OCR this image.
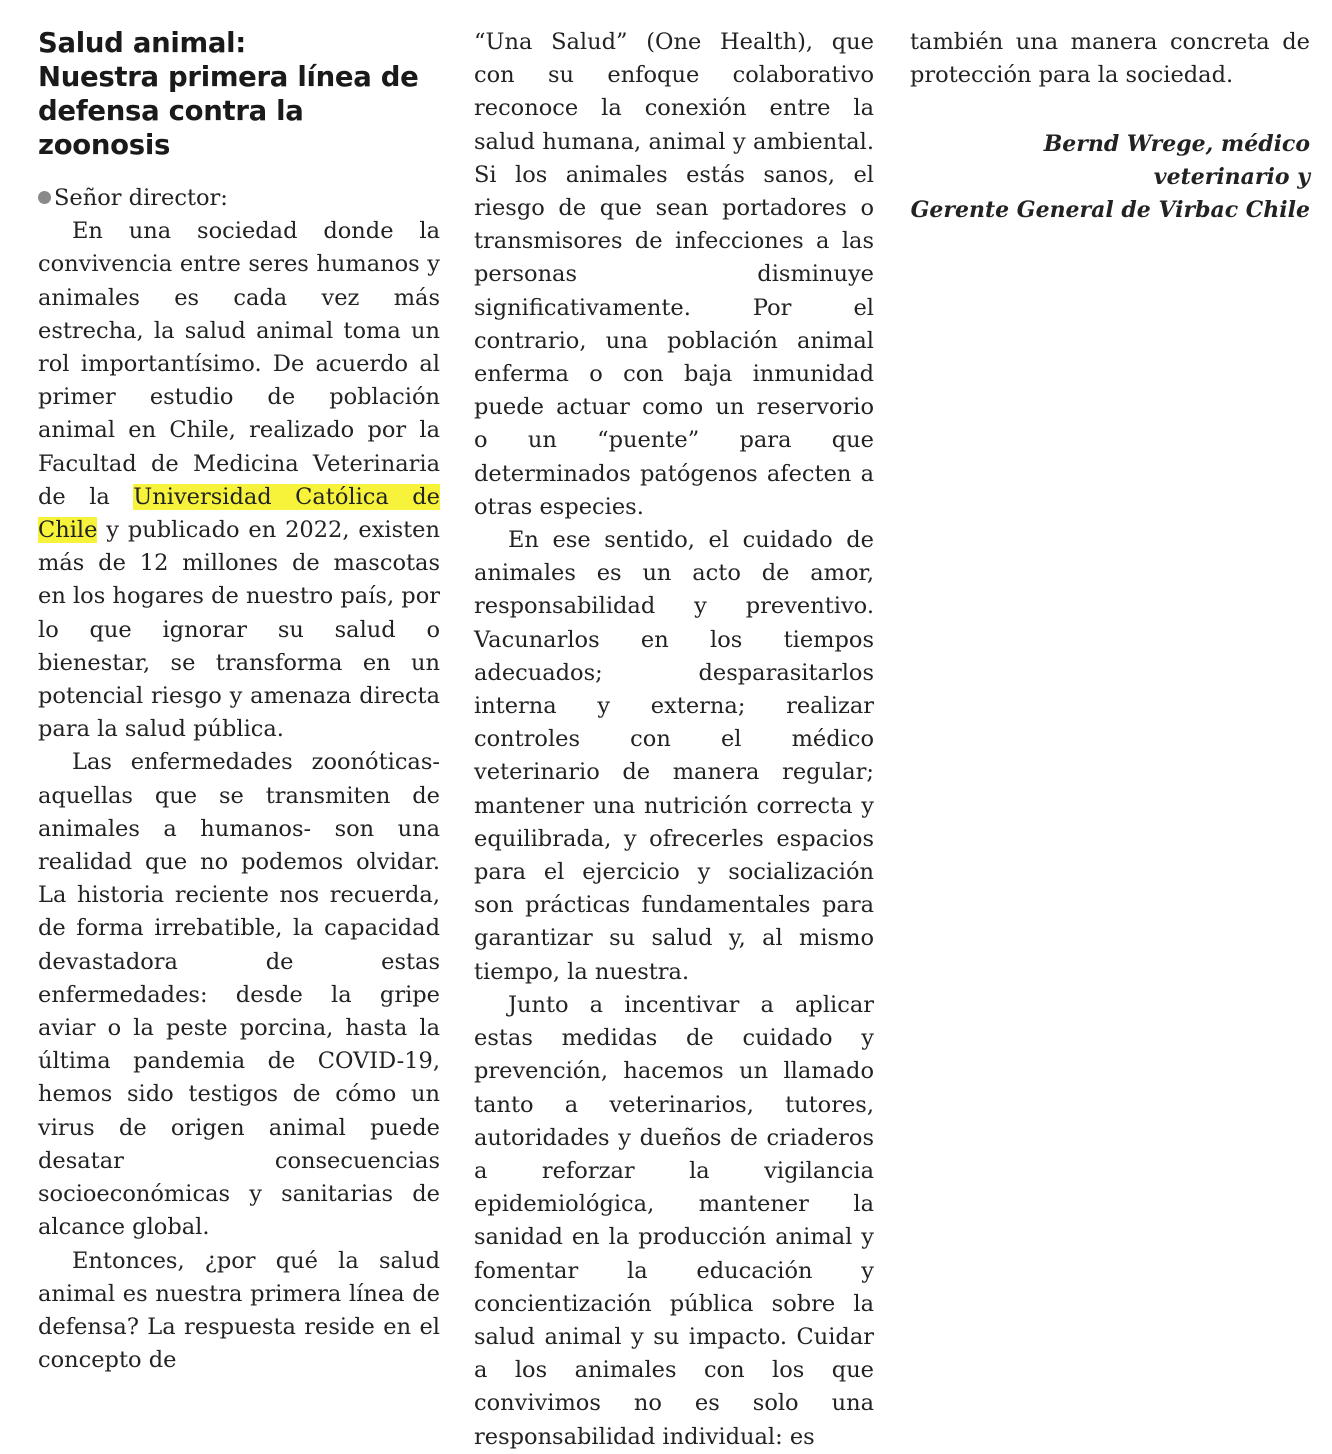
Salud animal:
Nuestra primera línea de
defensa contra la zoonosis

Señor director:

En una sociedad donde la convivencia entre seres humanos y animales es cada vez más estrecha, la salud animal toma un rol importantísimo. De acuerdo al primer estudio de población animal en Chile, realizado por la Facultad de Medicina Veterinaria de la Universidad Católica de Chile y publicado en 2022, existen más de 12 millones de mascotas en los hogares de nuestro país, por lo que ignorar su salud o bienestar, se transforma en un potencial riesgo y amenaza directa para la salud pública.

Las enfermedades zoonóticas-aquellas que se transmiten de animales a humanos- son una realidad que no podemos olvidar. La historia reciente nos recuerda, de forma irrebatible, la capacidad devastadora de estas enfermedades: desde la gripe aviar o la peste porcina, hasta la última pandemia de COVID-19, hemos sido testigos de cómo un virus de origen animal puede desatar consecuencias socioeconómicas y sanitarias de alcance global.

Entonces, ¿por qué la salud animal es nuestra primera línea de defensa? La respuesta reside en el concepto de

“Una Salud” (One Health), que con su enfoque colaborativo reconoce la conexión entre la salud humana, animal y ambiental. Si los animales estás sanos, el riesgo de que sean portadores o transmisores de infecciones a las personas disminuye significativamente. Por el contrario, una población animal enferma o con baja inmunidad puede actuar como un reservorio o un “puente” para que determinados patógenos afecten a otras especies.

En ese sentido, el cuidado de animales es un acto de amor, responsabilidad y preventivo. Vacunarlos en los tiempos adecuados; desparasitarlos interna y externa; realizar controles con el médico veterinario de manera regular; mantener una nutrición correcta y equilibrada, y ofrecerles espacios para el ejercicio y socialización son prácticas fundamentales para garantizar su salud y, al mismo tiempo, la nuestra.

Junto a incentivar a aplicar estas medidas de cuidado y prevención, hacemos un llamado tanto a veterinarios, tutores, autoridades y dueños de criaderos a reforzar la vigilancia epidemiológica, mantener la sanidad en la producción animal y fomentar la educación y concientización pública sobre la salud animal y su impacto. Cuidar a los animales con los que convivimos no es solo una responsabilidad individual: es

también una manera concreta de protección para la sociedad.

Bernd Wrege, médico veterinario y
Gerente General de Virbac Chile
